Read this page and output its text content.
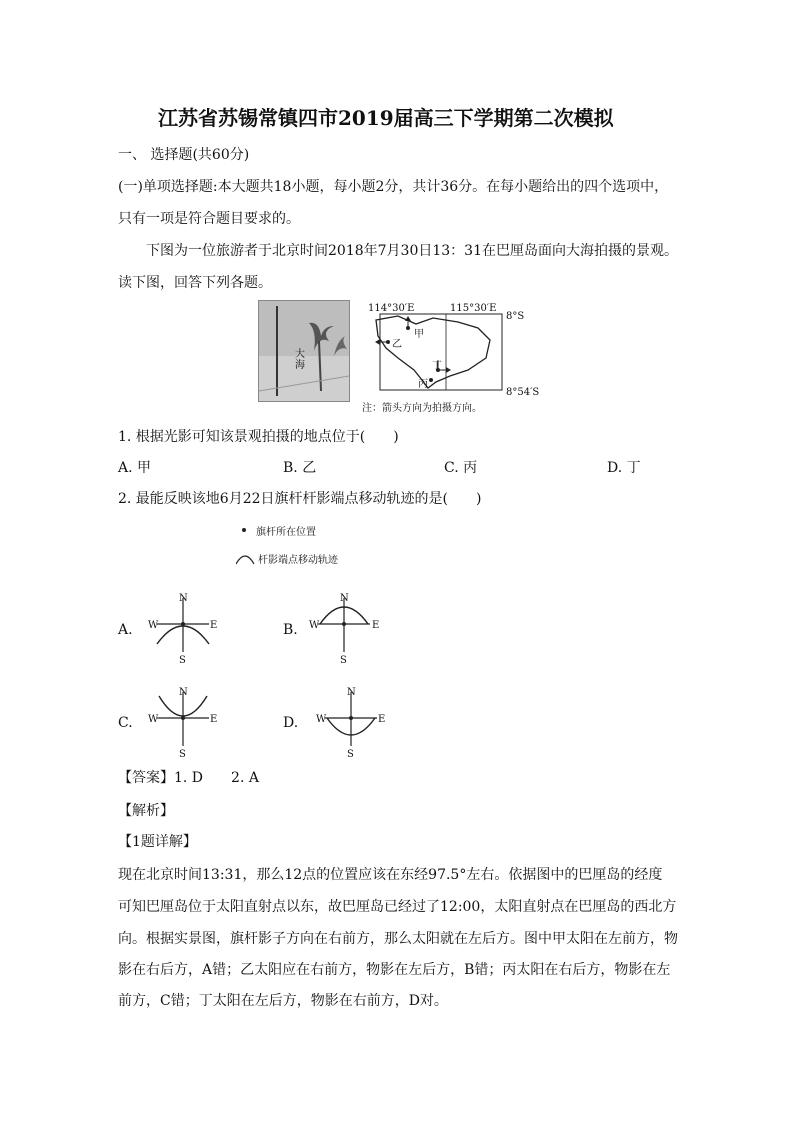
江苏省苏锡常镇四市2019届高三下学期第二次模拟
一、 选择题(共60分)
(一)单项选择题:本大题共18小题，每小题2分，共计36分。在每小题给出的四个选项中，
只有一项是符合题目要求的。
下图为一位旅游者于北京时间2018年7月30日13：31在巴厘岛面向大海拍摄的景观。
读下图，回答下列各题。
大海
114°30′E	115°30′E
8°S
8°54′S
甲
乙
丙
丁
注：箭头方向为拍摄方向。
1. 根据光影可知该景观拍摄的地点位于(　　)
A. 甲	B. 乙	C. 丙	D. 丁
2. 最能反映该地6月22日旗杆杆影端点移动轨迹的是(　　)
旗杆所在位置
杆影端点移动轨迹
A.	B.
C.	D.
N
S
W	E
N
S
W	E
N
S
W	E
N
S
W	E
【答案】1. D　　2. A
【解析】
【1题详解】
现在北京时间13:31，那么12点的位置应该在东经97.5°左右。依据图中的巴厘岛的经度
可知巴厘岛位于太阳直射点以东，故巴厘岛已经过了12:00，太阳直射点在巴厘岛的西北方
向。根据实景图，旗杆影子方向在右前方，那么太阳就在左后方。图中甲太阳在左前方，物
影在右后方，A错；乙太阳应在右前方，物影在左后方，B错；丙太阳在右后方，物影在左
前方，C错；丁太阳在左后方，物影在右前方，D对。
